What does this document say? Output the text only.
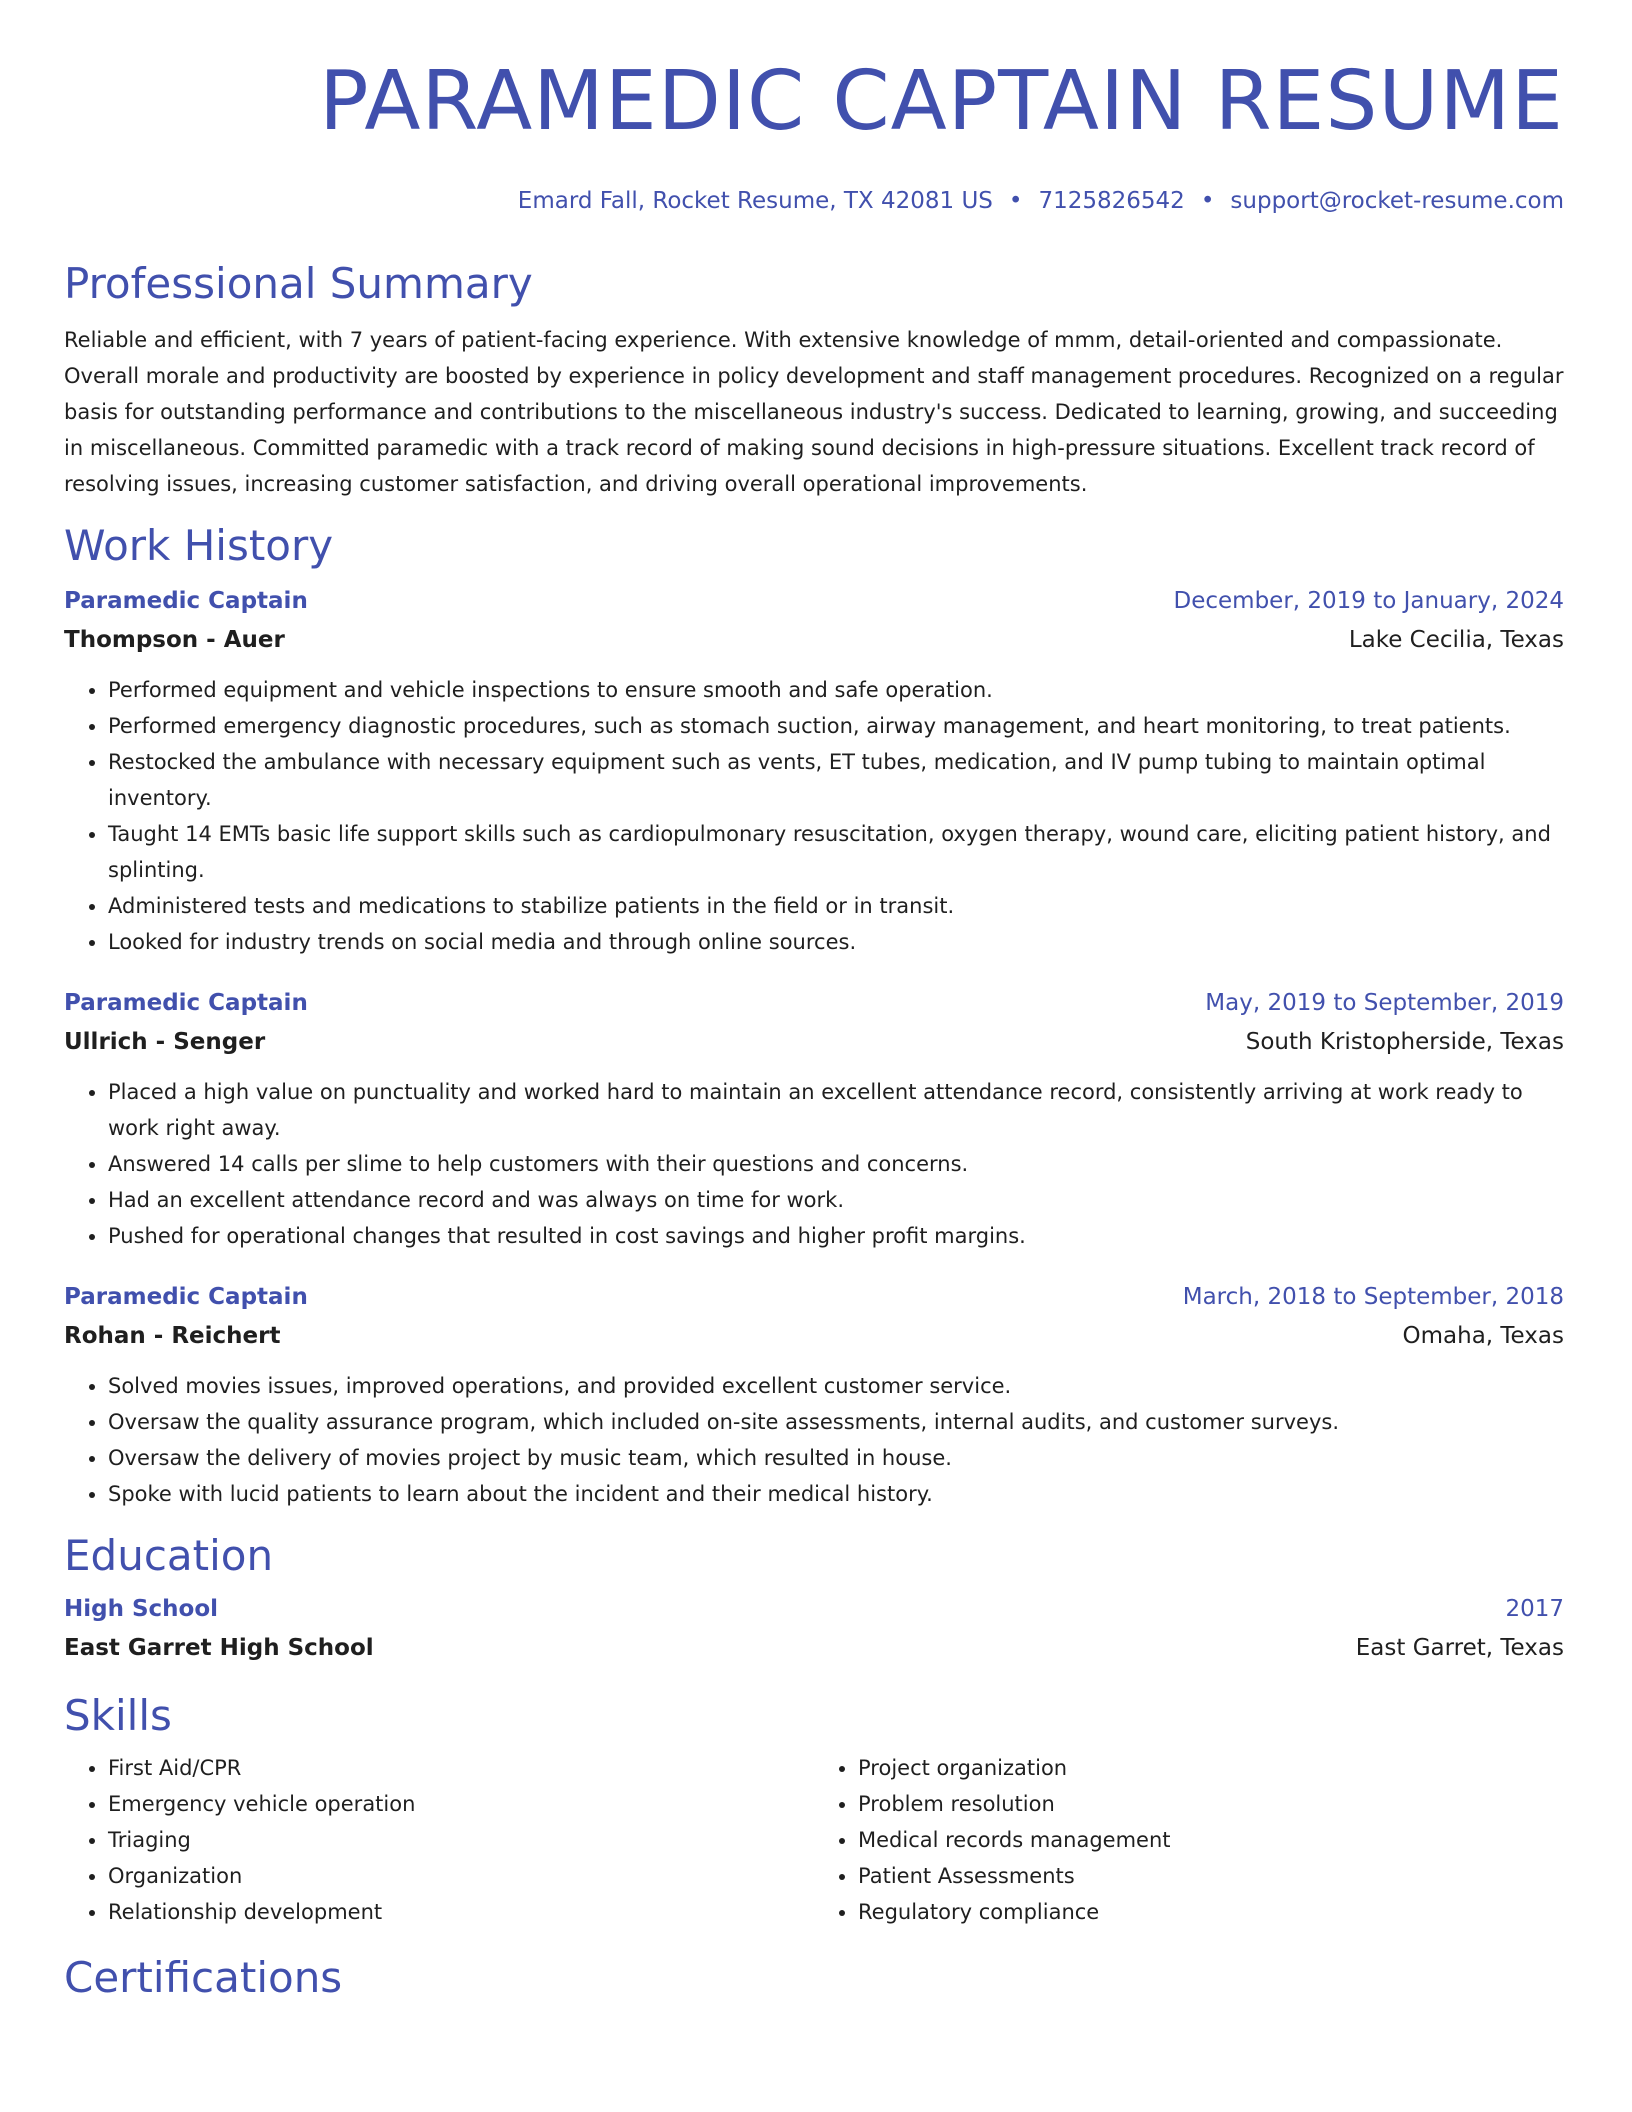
PARAMEDIC CAPTAIN RESUME
Emard Fall, Rocket Resume, TX 42081 US • 7125826542 • support@rocket-resume.com
Professional Summary
Reliable and efficient, with 7 years of patient-facing experience. With extensive knowledge of mmm, detail-oriented and compassionate. Overall morale and productivity are boosted by experience in policy development and staff management procedures. Recognized on a regular basis for outstanding performance and contributions to the miscellaneous industry's success. Dedicated to learning, growing, and succeeding in miscellaneous. Committed paramedic with a track record of making sound decisions in high-pressure situations. Excellent track record of resolving issues, increasing customer satisfaction, and driving overall operational improvements.
Work History
Paramedic Captain	December, 2019 to January, 2024
Thompson - Auer	Lake Cecilia, Texas
• Performed equipment and vehicle inspections to ensure smooth and safe operation.
• Performed emergency diagnostic procedures, such as stomach suction, airway management, and heart monitoring, to treat patients.
• Restocked the ambulance with necessary equipment such as vents, ET tubes, medication, and IV pump tubing to maintain optimal inventory.
• Taught 14 EMTs basic life support skills such as cardiopulmonary resuscitation, oxygen therapy, wound care, eliciting patient history, and splinting.
• Administered tests and medications to stabilize patients in the field or in transit.
• Looked for industry trends on social media and through online sources.
Paramedic Captain	May, 2019 to September, 2019
Ullrich - Senger	South Kristopherside, Texas
• Placed a high value on punctuality and worked hard to maintain an excellent attendance record, consistently arriving at work ready to work right away.
• Answered 14 calls per slime to help customers with their questions and concerns.
• Had an excellent attendance record and was always on time for work.
• Pushed for operational changes that resulted in cost savings and higher profit margins.
Paramedic Captain	March, 2018 to September, 2018
Rohan - Reichert	Omaha, Texas
• Solved movies issues, improved operations, and provided excellent customer service.
• Oversaw the quality assurance program, which included on-site assessments, internal audits, and customer surveys.
• Oversaw the delivery of movies project by music team, which resulted in house.
• Spoke with lucid patients to learn about the incident and their medical history.
Education
High School	2017
East Garret High School	East Garret, Texas
Skills
• First Aid/CPR
• Emergency vehicle operation
• Triaging
• Organization
• Relationship development
• Project organization
• Problem resolution
• Medical records management
• Patient Assessments
• Regulatory compliance
Certifications
